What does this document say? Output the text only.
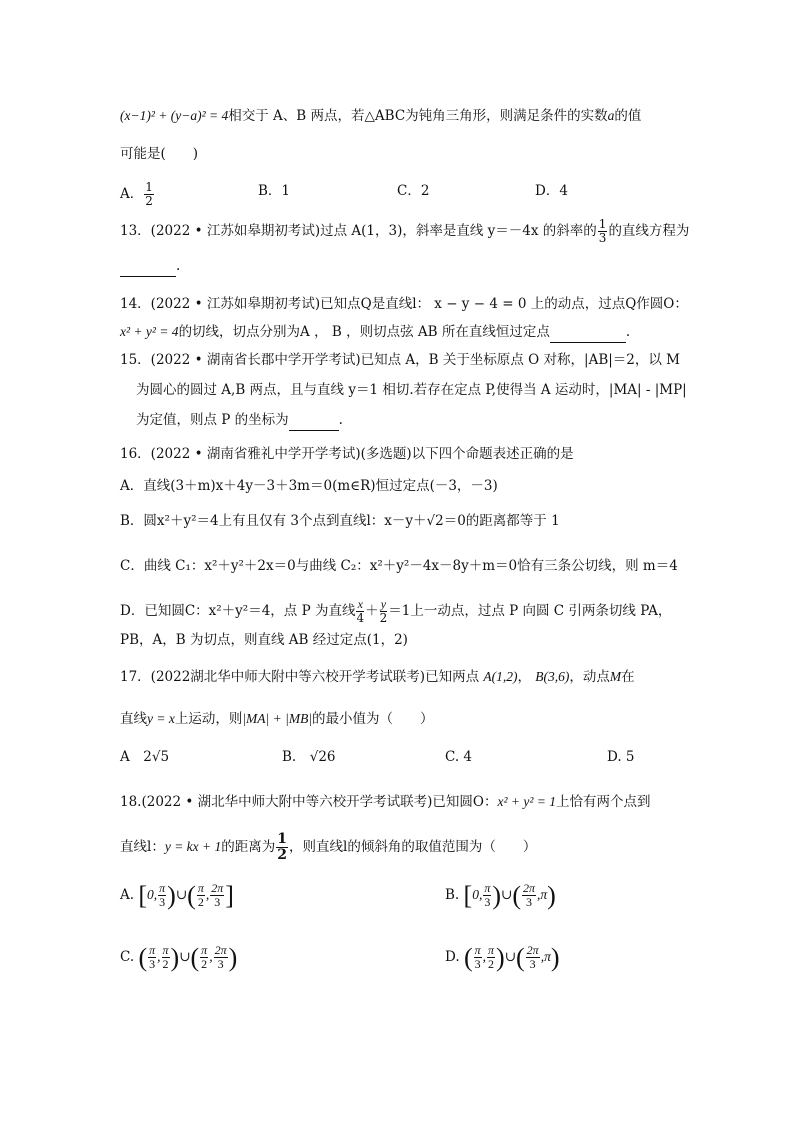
(x−1)² + (y−a)² = 4相交于 A、B 两点，若△ABC为钝角三角形，则满足条件的实数a的值
可能是(　　)
A． $\frac{1}{2}$	B．1	C．2	D．4
13．(2022 • 江苏如皋期初考试)过点 A(1，3)，斜率是直线 y＝－4x 的斜率的 $\frac{1}{3}$ 的直线方程为
.
14．(2022 • 江苏如皋期初考试)已知点Q是直线l： x − y − 4 = 0 上的动点，过点Q作圆O：
x² + y² = 4的切线，切点分别为A ， B ，则切点弦 AB 所在直线恒过定点	.
15．(2022 • 湖南省长郡中学开学考试)已知点 A，B 关于坐标原点 O 对称，|AB|＝2，以 M
为圆心的圆过 A,B 两点，且与直线 y＝1 相切.若存在定点 P,使得当 A 运动时，|MA| - |MP|
为定值，则点 P 的坐标为	.
16．(2022 • 湖南省雅礼中学开学考试)(多选题)以下四个命题表述正确的是
A．直线(3＋m)x＋4y－3＋3m＝0(m∈R)恒过定点(－3，－3)
B．圆x²＋y²＝4上有且仅有 3个点到直线l：x－y＋√2＝0的距离都等于 1
C．曲线 C₁：x²＋y²＋2x＝0与曲线 C₂：x²＋y²－4x－8y＋m＝0恰有三条公切线，则 m＝4
D．已知圆C：x²＋y²＝4，点 P 为直线 $\frac{x}{4} + \frac{y}{2} =1$上一动点，过点 P 向圆 C 引两条切线 PA，
PB，A，B 为切点，则直线 AB 经过定点(1，2)
17．(2022湖北华中师大附中等六校开学考试联考)已知两点 A(1,2)， B(3,6)，动点M在
直线y = x上运动，则|MA| + |MB|的最小值为（　　）
A　2√5	B.　√26	C. 4	D. 5
18.(2022 • 湖北华中师大附中等六校开学考试联考)已知圆O：x² + y² = 1上恰有两个点到
直线l：y = kx + 1的距离为 $\frac{1}{2}$ ，则直线l的倾斜角的取值范围为（　　）
A. [0, $\frac{\pi}{3}$ )∪( $\frac{\pi}{2}$ , $\frac{2\pi}{3}$ ]	B. [0, $\frac{\pi}{3}$ )∪( $\frac{2\pi}{3} ,\pi$)
C. ( $\frac{\pi}{3}$ , $\frac{\pi}{2}$ )∪( $\frac{\pi}{2}$ , $\frac{2\pi}{3}$ )	D. ( $\frac{\pi}{3}$ , $\frac{\pi}{2}$ )∪( $\frac{2\pi}{3} ,\pi$)
